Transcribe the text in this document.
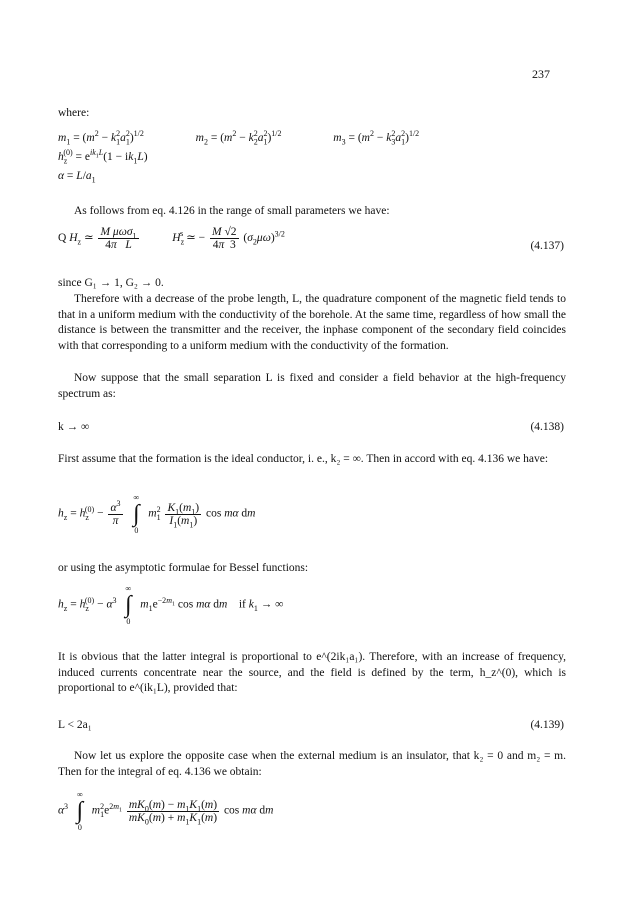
237
where:
$m_1 = (m^2 - k_1^2a_1^2)^{1/2}$	$m_2 = (m^2 - k_2^2a_1^2)^{1/2}$	$m_3 = (m^2 - k_3^2a_1^2)^{1/2}$
$h_z^{(0)} = e^{ik_1L}(1 - ik_1L)$
$\alpha = L/a_1$
As follows from eq. 4.126 in the range of small parameters we have:
Q $H_z$ ≃ $\frac{M \mu\omega\sigma_1}{\text{4π L}}$	$H_z^s$ ≃ − $\frac{M √2}{4\pi 3} (\sigma_2\mu\omega)^{3/2}$
(4.137)
since G₁ → 1, G₂ → 0.
Therefore with a decrease of the probe length, L, the quadrature component of the magnetic field tends to that in a uniform medium with the conductivity of the borehole. At the same time, regardless of how small the distance is between the transmitter and the receiver, the inphase component of the secondary field coincides with that corresponding to a uniform medium with the conductivity of the formation.
Now suppose that the small separation L is fixed and consider a field behavior at the high-frequency spectrum as:
k → ∞	(4.138)
First assume that the formation is the ideal conductor, i. e., k₂ = ∞. Then in accord with eq. 4.136 we have:
$h_z = h_z^{(0)} - \frac{\alpha^3}{\pi}$

∞
∫
0
$m_1^2 \frac{K_1(m_1)}{I_1(m_1)}$ cos mα dm
or using the asymptotic formulae for Bessel functions:
$h_z = h_z^{(0)} - \alpha^3$
∞
∫
0
$m_1e^{-2m_1}$ cos mα dm    if $k_1$ → ∞
It is obvious that the latter integral is proportional to e^(2ik₁a₁). Therefore, with an increase of frequency, induced currents concentrate near the source, and the field is defined by the term, h_z^(0), which is proportional to e^(ik₁L), provided that:
L < 2a₁	(4.139)
Now let us explore the opposite case when the external medium is an insulator, that k₂ = 0 and m₂ = m. Then for the integral of eq. 4.136 we obtain:
$\alpha^3$
∞
∫
0
$m_1^2e^{2m_1} \frac{mK_0(m) - m_1K_1(m)}{mK_0(m) + m_1K_1(m)}$ cos mα dm
